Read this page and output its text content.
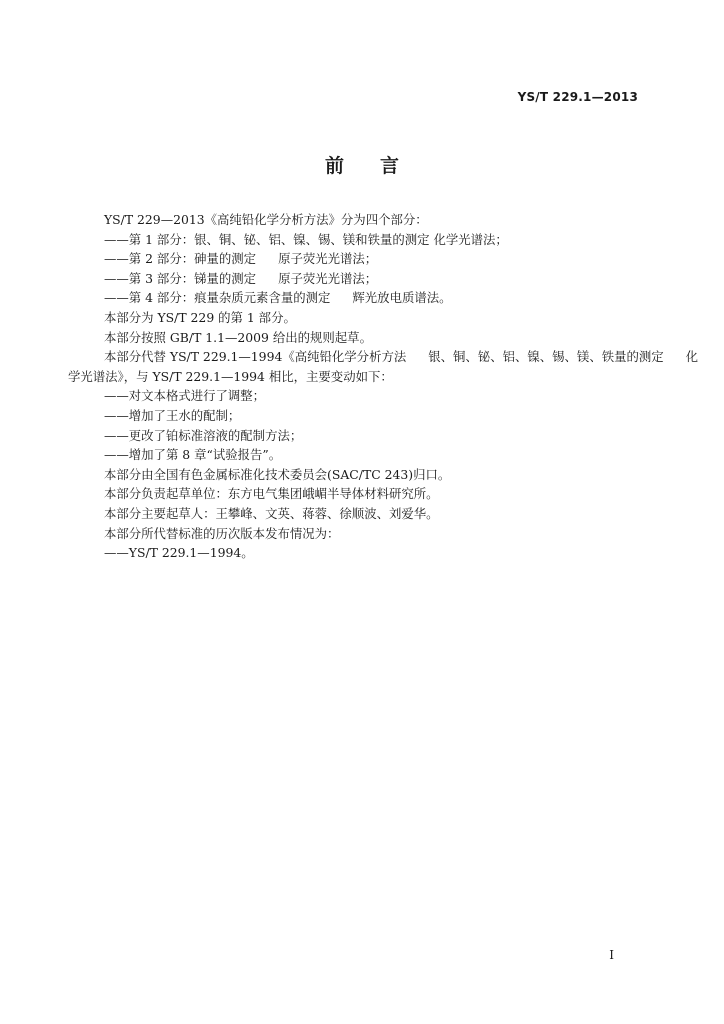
YS/T 229.1—2013
前言
YS/T 229—2013《高纯铅化学分析方法》分为四个部分：
——第 1 部分：银、铜、铋、铝、镍、锡、镁和铁量的测定 化学光谱法；
——第 2 部分：砷量的测定 原子荧光光谱法；
——第 3 部分：锑量的测定 原子荧光光谱法；
——第 4 部分：痕量杂质元素含量的测定 辉光放电质谱法。
本部分为 YS/T 229 的第 1 部分。
本部分按照 GB/T 1.1—2009 给出的规则起草。
本部分代替 YS/T 229.1—1994《高纯铅化学分析方法 银、铜、铋、铝、镍、锡、镁、铁量的测定 化
学光谱法》，与 YS/T 229.1—1994 相比，主要变动如下：
——对文本格式进行了调整；
——增加了王水的配制；
——更改了铂标准溶液的配制方法；
——增加了第 8 章“试验报告”。
本部分由全国有色金属标准化技术委员会(SAC/TC 243)归口。
本部分负责起草单位：东方电气集团峨嵋半导体材料研究所。
本部分主要起草人：王攀峰、文英、蒋蓉、徐顺波、刘爱华。
本部分所代替标准的历次版本发布情况为：
——YS/T 229.1—1994。
I
